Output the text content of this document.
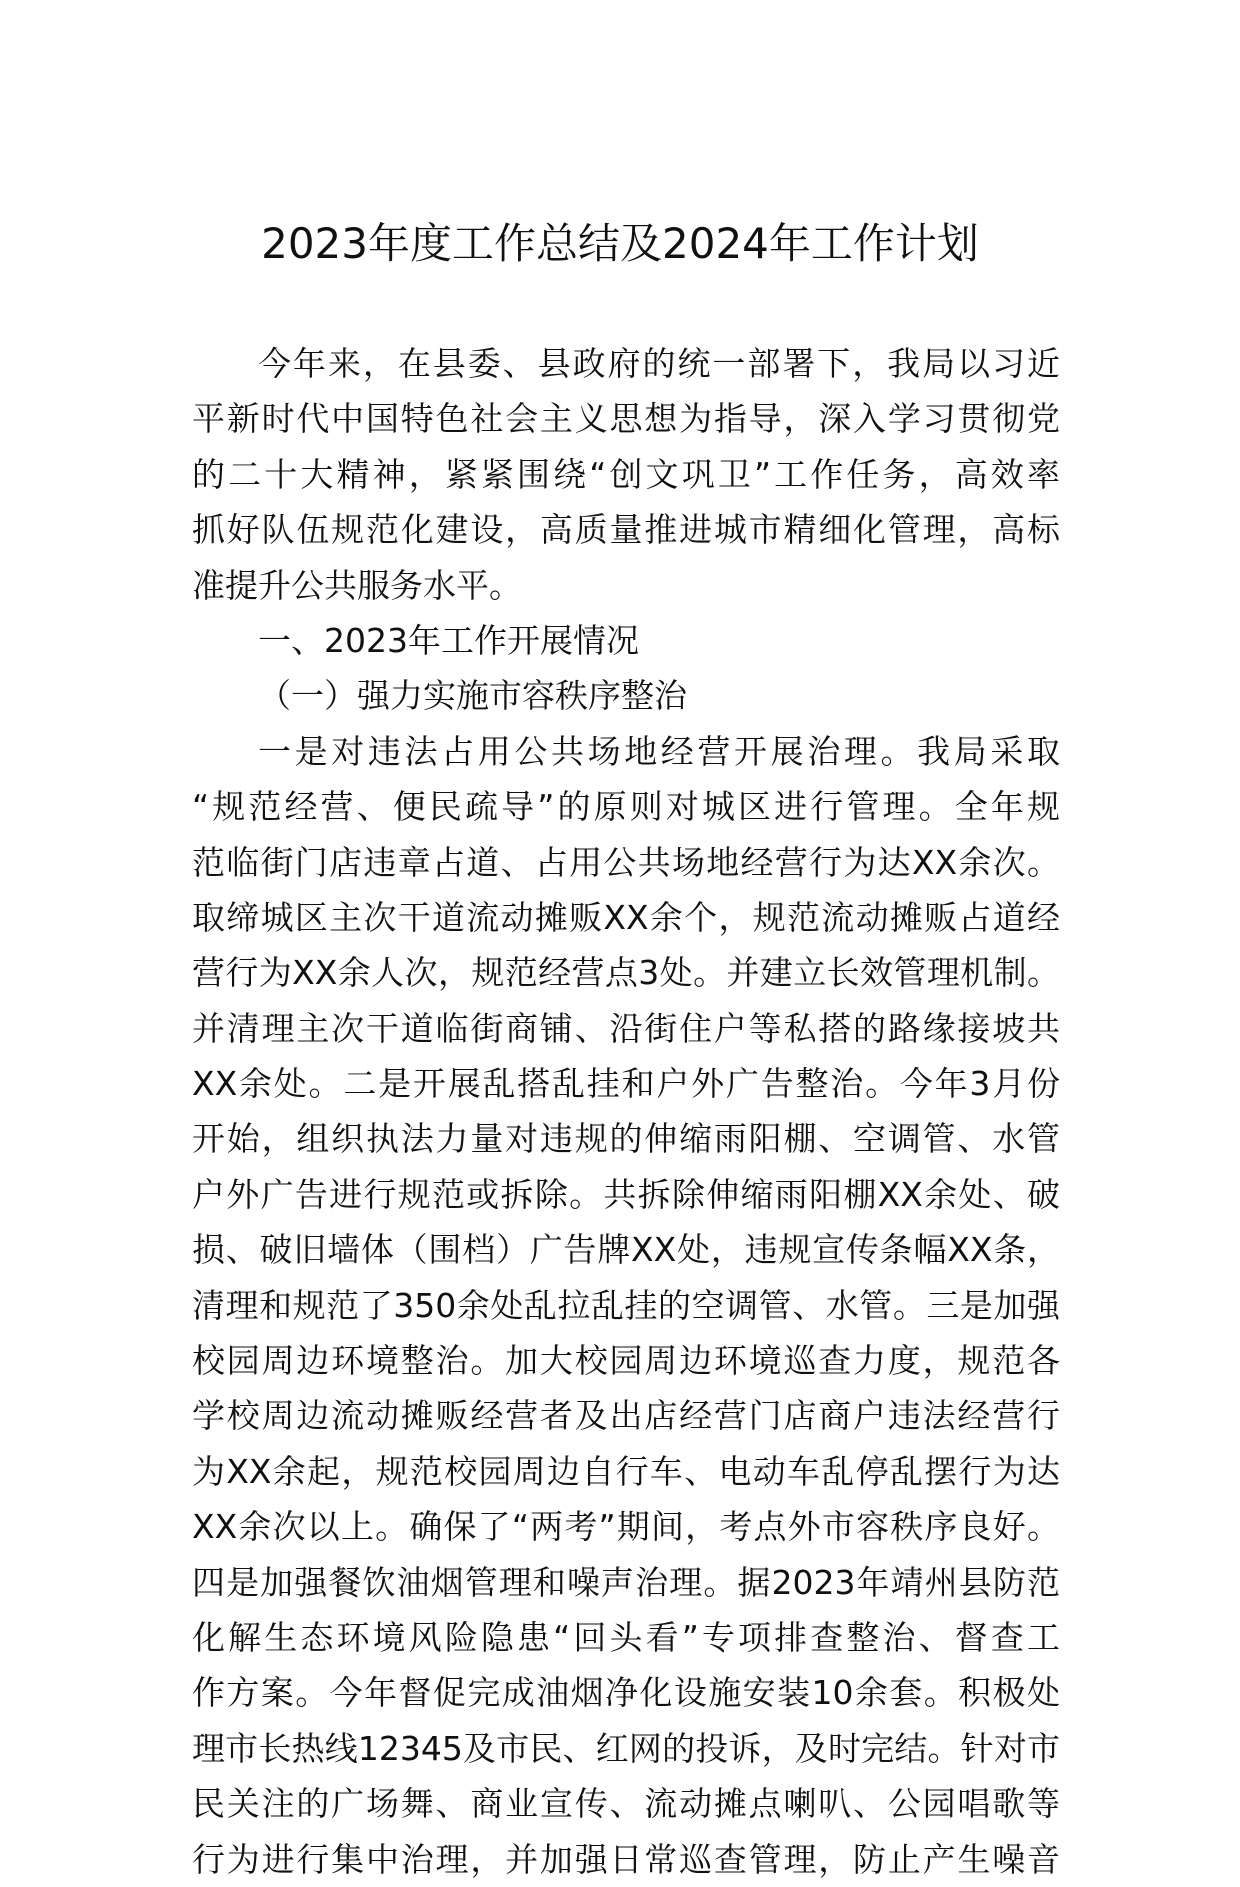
2023年度工作总结及2024年工作计划
今年来，在县委、县政府的统一部署下，我局以习近
平新时代中国特色社会主义思想为指导，深入学习贯彻党
的二十大精神，紧紧围绕“创文巩卫”工作任务，高效率
抓好队伍规范化建设，高质量推进城市精细化管理，高标
准提升公共服务水平。
一、2023年工作开展情况
（一）强力实施市容秩序整治
一是对违法占用公共场地经营开展治理。我局采取
“规范经营、便民疏导”的原则对城区进行管理。全年规
范临街门店违章占道、占用公共场地经营行为达XX余次。
取缔城区主次干道流动摊贩XX余个，规范流动摊贩占道经
营行为XX余人次，规范经营点3处。并建立长效管理机制。
并清理主次干道临街商铺、沿街住户等私搭的路缘接坡共
XX余处。二是开展乱搭乱挂和户外广告整治。今年3月份
开始，组织执法力量对违规的伸缩雨阳棚、空调管、水管
户外广告进行规范或拆除。共拆除伸缩雨阳棚XX余处、破
损、破旧墙体（围档）广告牌XX处，违规宣传条幅XX条，
清理和规范了350余处乱拉乱挂的空调管、水管。三是加强
校园周边环境整治。加大校园周边环境巡查力度，规范各
学校周边流动摊贩经营者及出店经营门店商户违法经营行
为XX余起，规范校园周边自行车、电动车乱停乱摆行为达
XX余次以上。确保了“两考”期间，考点外市容秩序良好。
四是加强餐饮油烟管理和噪声治理。据2023年靖州县防范
化解生态环境风险隐患“回头看”专项排查整治、督查工
作方案。今年督促完成油烟净化设施安装10余套。积极处
理市长热线12345及市民、红网的投诉，及时完结。针对市
民关注的广场舞、商业宣传、流动摊点喇叭、公园唱歌等
行为进行集中治理，并加强日常巡查管理，防止产生噪音
